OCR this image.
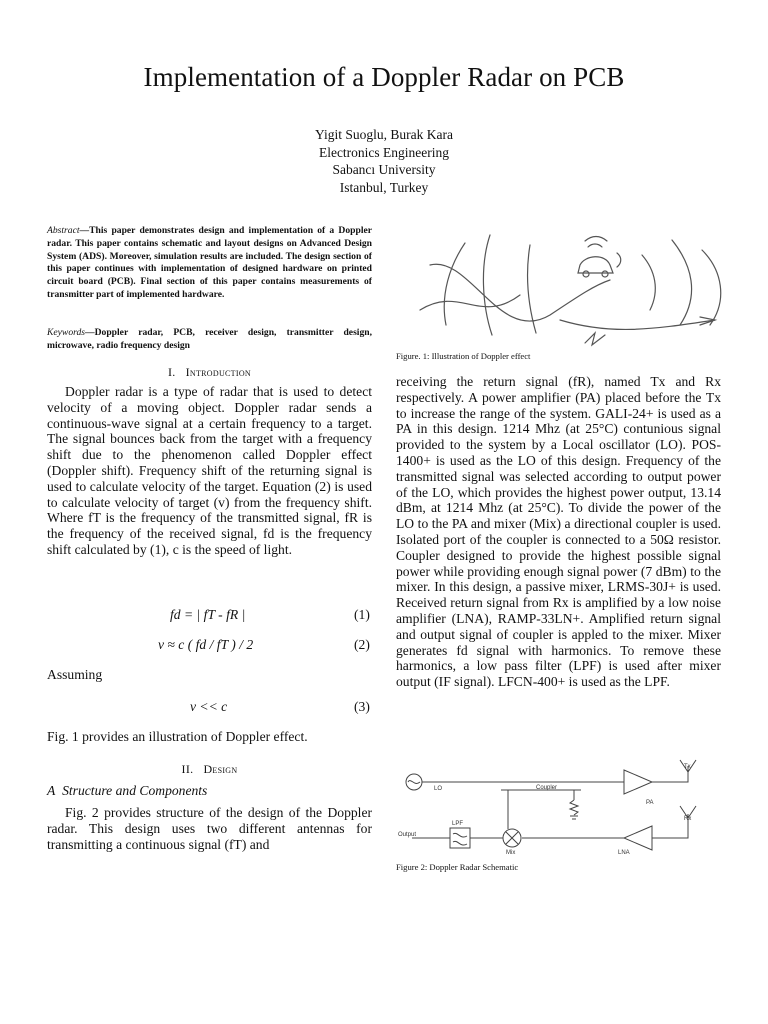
Implementation of a Doppler Radar on PCB
Yigit Suoglu, Burak Kara
Electronics Engineering
Sabancı University
Istanbul, Turkey
Abstract—This paper demonstrates design and implementation of a Doppler radar. This paper contains schematic and layout designs on Advanced Design System (ADS). Moreover, simulation results are included. The design section of this paper continues with implementation of designed hardware on printed circuit board (PCB). Final section of this paper contains measurements of transmitter part of implemented hardware.
Keywords—Doppler radar, PCB, receiver design, transmitter design, microwave, radio frequency design
I. Introduction
Doppler radar is a type of radar that is used to detect velocity of a moving object. Doppler radar sends a continuous-wave signal at a certain frequency to a target. The signal bounces back from the target with a frequency shift due to the phenomenon called Doppler effect (Doppler shift). Frequency shift of the returning signal is used to calculate velocity of the target. Equation (2) is used to calculate velocity of target (v) from the frequency shift. Where fT is the frequency of the transmitted signal, fR is the frequency of the received signal, fd is the frequency shift calculated by (1), c is the speed of light.
fd = | fT - fR |	(1)
v ≈ c ( fd / fT ) / 2	(2)
Assuming
v << c	(3)
Fig. 1 provides an illustration of Doppler effect.
II. Design
A Structure and Components
Fig. 2 provides structure of the design of the Doppler radar. This design uses two different antennas for transmitting a continuous signal (fT) and
Figure. 1: Illustration of Doppler effect
receiving the return signal (fR), named Tx and Rx respectively. A power amplifier (PA) placed before the Tx to increase the range of the system. GALI-24+ is used as a PA in this design. 1214 Mhz (at 25°C) contunious signal provided to the system by a Local oscillator (LO). POS-1400+ is used as the LO of this design. Frequency of the transmitted signal was selected according to output power of the LO, which provides the highest power output, 13.14 dBm, at 1214 Mhz (at 25°C). To divide the power of the LO to the PA and mixer (Mix) a directional coupler is used. Isolated port of the coupler is connected to a 50Ω resistor. Coupler designed to provide the highest possible signal power while providing enough signal power (7 dBm) to the mixer. In this design, a passive mixer, LRMS-30J+ is used. Received return signal from Rx is amplified by a low noise amplifier (LNA), RAMP-33LN+. Amplified return signal and output signal of coupler is appled to the mixer. Mixer generates fd signal with harmonics. To remove these harmonics, a low pass filter (LPF) is used after mixer output (IF signal). LFCN-400+ is used as the LPF.
LO	Coupler
PA
Tx
Rx
LPF
Mix	LNA
Output
Figure 2: Doppler Radar Schematic
